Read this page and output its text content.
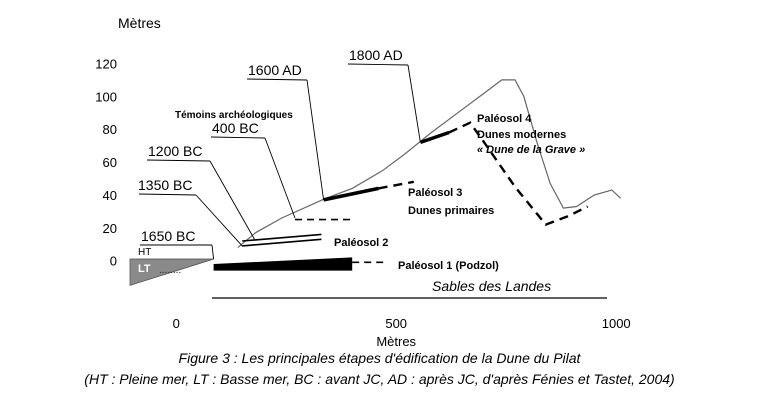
Mètres
Mètres
0
20
40
60
80
100
120
0	500	1000
HT
LT ........
1650 BC
1350 BC
1200 BC
400 BC
1600 AD
1800 AD
Paléosol 1 (Podzol)
Paléosol 2
Témoins archéologiques
Paléosol 3
Dunes primaires
Paléosol 4
Dunes modernes
« Dune de la Grave »
Sables des Landes
Figure 3 : Les principales étapes d'édification de la Dune du Pilat
(HT : Pleine mer, LT : Basse mer, BC : avant JC, AD : après JC, d'après Fénies et Tastet, 2004)
